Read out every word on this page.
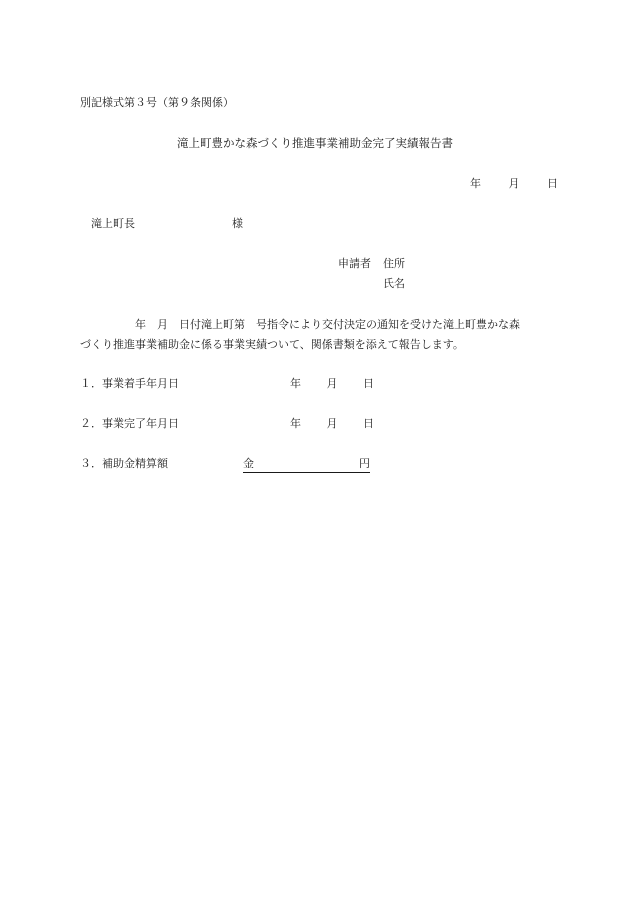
別記様式第３号（第９条関係）
滝上町豊かな森づくり推進事業補助金完了実績報告書
年	月	日
滝上町長	様
申請者 住所
氏名
　　　　　年　月　日付滝上町第　号指令により交付決定の通知を受けた滝上町豊かな森
づくり推進事業補助金に係る事業実績ついて、関係書類を添えて報告します。
１．事業着手年月日	年 月 日
２．事業完了年月日	年 月 日
３．補助金精算額	金	円
